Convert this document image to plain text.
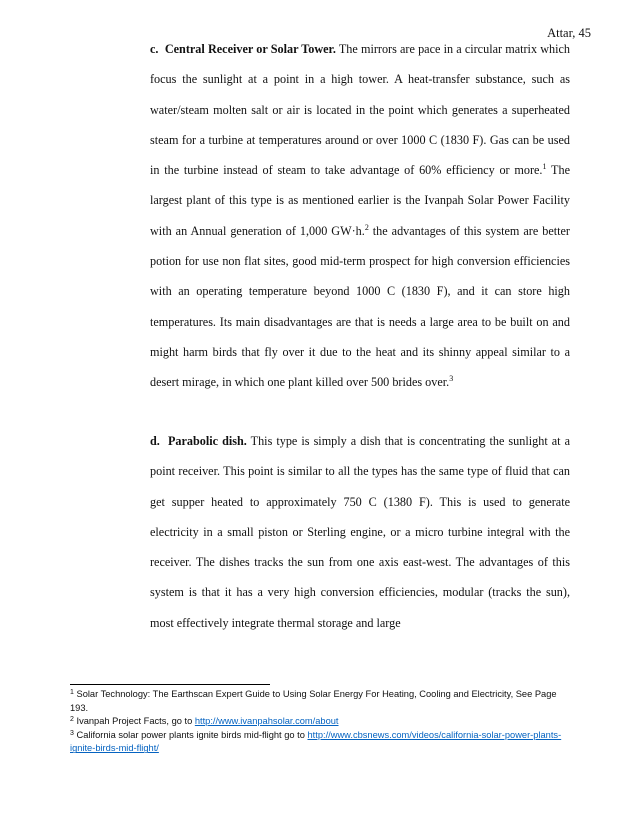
Attar, 45
c. Central Receiver or Solar Tower. The mirrors are pace in a circular matrix which focus the sunlight at a point in a high tower. A heat-transfer substance, such as water/steam molten salt or air is located in the point which generates a superheated steam for a turbine at temperatures around or over 1000 C (1830 F). Gas can be used in the turbine instead of steam to take advantage of 60% efficiency or more.$^1$ The largest plant of this type is as mentioned earlier is the Ivanpah Solar Power Facility with an Annual generation of 1,000 GW·h.$^2$ the advantages of this system are better potion for use non flat sites, good mid-term prospect for high conversion efficiencies with an operating temperature beyond 1000 C (1830 F), and it can store high temperatures. Its main disadvantages are that is needs a large area to be built on and might harm birds that fly over it due to the heat and its shinny appeal similar to a desert mirage, in which one plant killed over 500 brides over.$^3$
d. Parabolic dish. This type is simply a dish that is concentrating the sunlight at a point receiver. This point is similar to all the types has the same type of fluid that can get supper heated to approximately 750 C (1380 F). This is used to generate electricity in a small piston or Sterling engine, or a micro turbine integral with the receiver. The dishes tracks the sun from one axis east-west. The advantages of this system is that it has a very high conversion efficiencies, modular (tracks the sun), most effectively integrate thermal storage and large
$^1$ Solar Technology: The Earthscan Expert Guide to Using Solar Energy For Heating, Cooling and Electricity, See Page 193.
$^2$ Ivanpah Project Facts, go to http://www.ivanpahsolar.com/about
$^3$ California solar power plants ignite birds mid-flight go to http://www.cbsnews.com/videos/california-solar-power-plants-ignite-birds-mid-flight/
